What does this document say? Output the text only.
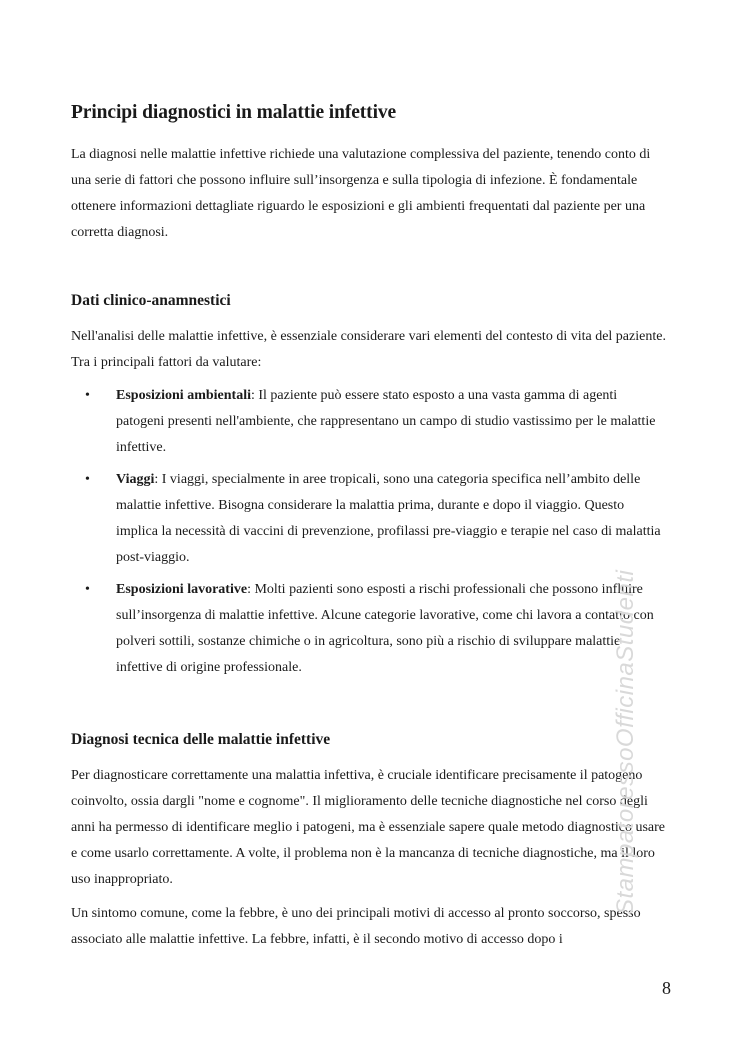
Principi diagnostici in malattie infettive

La diagnosi nelle malattie infettive richiede una valutazione complessiva del paziente, tenendo conto di una serie di fattori che possono influire sull’insorgenza e sulla tipologia di infezione. È fondamentale ottenere informazioni dettagliate riguardo le esposizioni e gli ambienti frequentati dal paziente per una corretta diagnosi.

Dati clinico-anamnestici

Nell'analisi delle malattie infettive, è essenziale considerare vari elementi del contesto di vita del paziente. Tra i principali fattori da valutare:

• Esposizioni ambientali: Il paziente può essere stato esposto a una vasta gamma di agenti patogeni presenti nell'ambiente, che rappresentano un campo di studio vastissimo per le malattie infettive.
• Viaggi: I viaggi, specialmente in aree tropicali, sono una categoria specifica nell’ambito delle malattie infettive. Bisogna considerare la malattia prima, durante e dopo il viaggio. Questo implica la necessità di vaccini di prevenzione, profilassi pre-viaggio e terapie nel caso di malattia post-viaggio.
• Esposizioni lavorative: Molti pazienti sono esposti a rischi professionali che possono influire sull’insorgenza di malattie infettive. Alcune categorie lavorative, come chi lavora a contatto con polveri sottili, sostanze chimiche o in agricoltura, sono più a rischio di sviluppare malattie infettive di origine professionale.
Diagnosi tecnica delle malattie infettive

Per diagnosticare correttamente una malattia infettiva, è cruciale identificare precisamente il patogeno coinvolto, ossia dargli "nome e cognome". Il miglioramento delle tecniche diagnostiche nel corso degli anni ha permesso di identificare meglio i patogeni, ma è essenziale sapere quale metodo diagnostico usare e come usarlo correttamente. A volte, il problema non è la mancanza di tecniche diagnostiche, ma il loro uso inappropriato.

Un sintomo comune, come la febbre, è uno dei principali motivi di accesso al pronto soccorso, spesso associato alle malattie infettive. La febbre, infatti, è il secondo motivo di accesso dopo i

StampatoressoOfficinaStudenti
8
